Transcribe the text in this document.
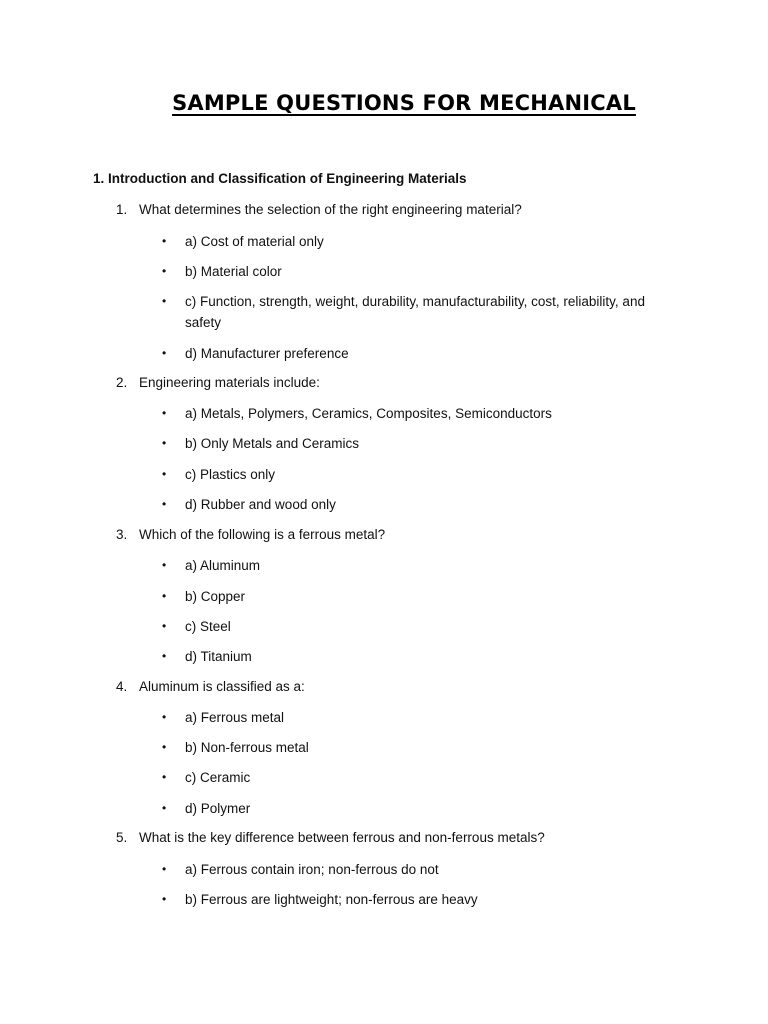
SAMPLE QUESTIONS FOR MECHANICAL
1. Introduction and Classification of Engineering Materials
1. What determines the selection of the right engineering material?
•	a) Cost of material only
•	b) Material color
•	c) Function, strength, weight, durability, manufacturability, cost, reliability, and safety
•	d) Manufacturer preference
2. Engineering materials include:
•	a) Metals, Polymers, Ceramics, Composites, Semiconductors
•	b) Only Metals and Ceramics
•	c) Plastics only
•	d) Rubber and wood only
3. Which of the following is a ferrous metal?
•	a) Aluminum
•	b) Copper
•	c) Steel
•	d) Titanium
4. Aluminum is classified as a:
•	a) Ferrous metal
•	b) Non-ferrous metal
•	c) Ceramic
•	d) Polymer
5. What is the key difference between ferrous and non-ferrous metals?
•	a) Ferrous contain iron; non-ferrous do not
•	b) Ferrous are lightweight; non-ferrous are heavy
